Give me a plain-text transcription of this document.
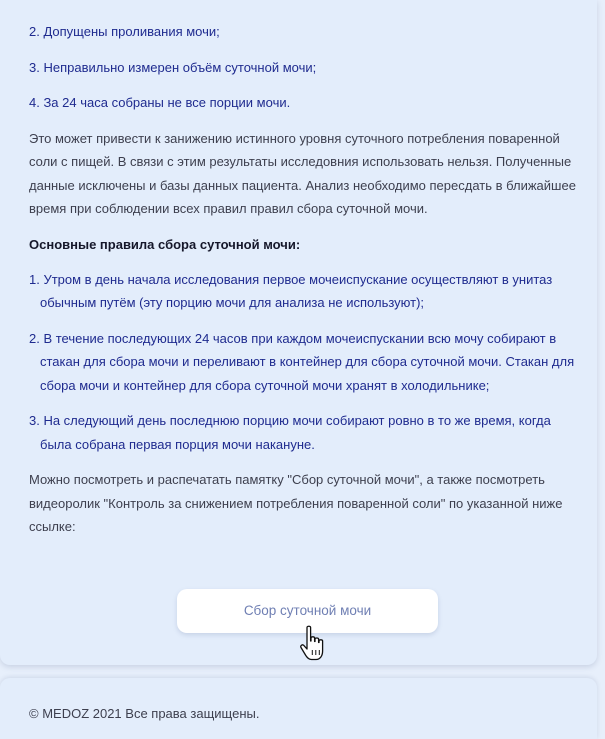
2. Допущены проливания мочи;

3. Неправильно измерен объём суточной мочи;

4. За 24 часа собраны не все порции мочи.

Это может привести к занижению истинного уровня суточного потребления поваренной соли с пищей. В связи с этим результаты исследовния использовать нельзя. Полученные данные исключены и базы данных пациента. Анализ необходимо пересдать в ближайшее время при соблюдении всех правил правил сбора суточной мочи.

Основные правила сбора суточной мочи:

1. Утром в день начала исследования первое мочеиспускание осуществляют в унитаз обычным путём (эту порцию мочи для анализа не используют);

2. В течение последующих 24 часов при каждом мочеиспускании всю мочу собирают в стакан для сбора мочи и переливают в контейнер для сбора суточной мочи. Стакан для сбора мочи и контейнер для сбора суточной мочи хранят в холодильнике;

3. На следующий день последнюю порцию мочи собирают ровно в то же время, когда была собрана первая порция мочи накануне.

Можно посмотреть и распечатать памятку "Сбор суточной мочи", а также посмотреть видеоролик "Контроль за снижением потребления поваренной соли" по указанной ниже ссылке:

Сбор суточной мочи
© MEDOZ 2021 Все права защищены.
